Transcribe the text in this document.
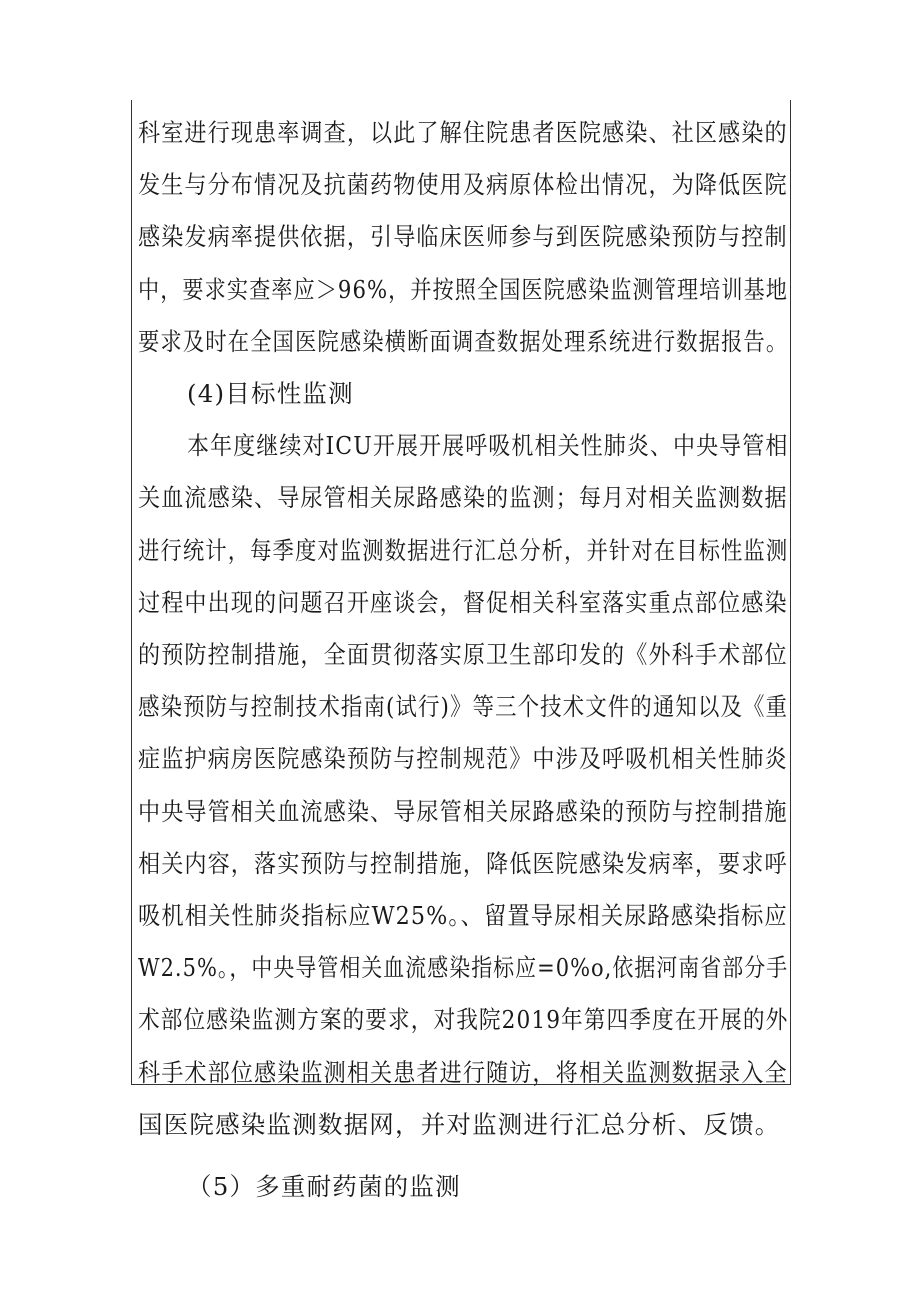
科室进行现患率调查，以此了解住院患者医院感染、社区感染的
发生与分布情况及抗菌药物使用及病原体检出情况，为降低医院
感染发病率提供依据，引导临床医师参与到医院感染预防与控制
中，要求实查率应＞96%，并按照全国医院感染监测管理培训基地
要求及时在全国医院感染横断面调查数据处理系统进行数据报告。
(4)目标性监测
本年度继续对ICU开展开展呼吸机相关性肺炎、中央导管相
关血流感染、导尿管相关尿路感染的监测；每月对相关监测数据
进行统计，每季度对监测数据进行汇总分析，并针对在目标性监测
过程中出现的问题召开座谈会，督促相关科室落实重点部位感染
的预防控制措施，全面贯彻落实原卫生部印发的《外科手术部位
感染预防与控制技术指南(试行)》等三个技术文件的通知以及《重
症监护病房医院感染预防与控制规范》中涉及呼吸机相关性肺炎
中央导管相关血流感染、导尿管相关尿路感染的预防与控制措施
相关内容，落实预防与控制措施，降低医院感染发病率，要求呼
吸机相关性肺炎指标应W25%。、留置导尿相关尿路感染指标应
W2.5%。，中央导管相关血流感染指标应=0%o,依据河南省部分手
术部位感染监测方案的要求，对我院2019年第四季度在开展的外
科手术部位感染监测相关患者进行随访，将相关监测数据录入全
国医院感染监测数据网，并对监测进行汇总分析、反馈。
（5）多重耐药菌的监测
